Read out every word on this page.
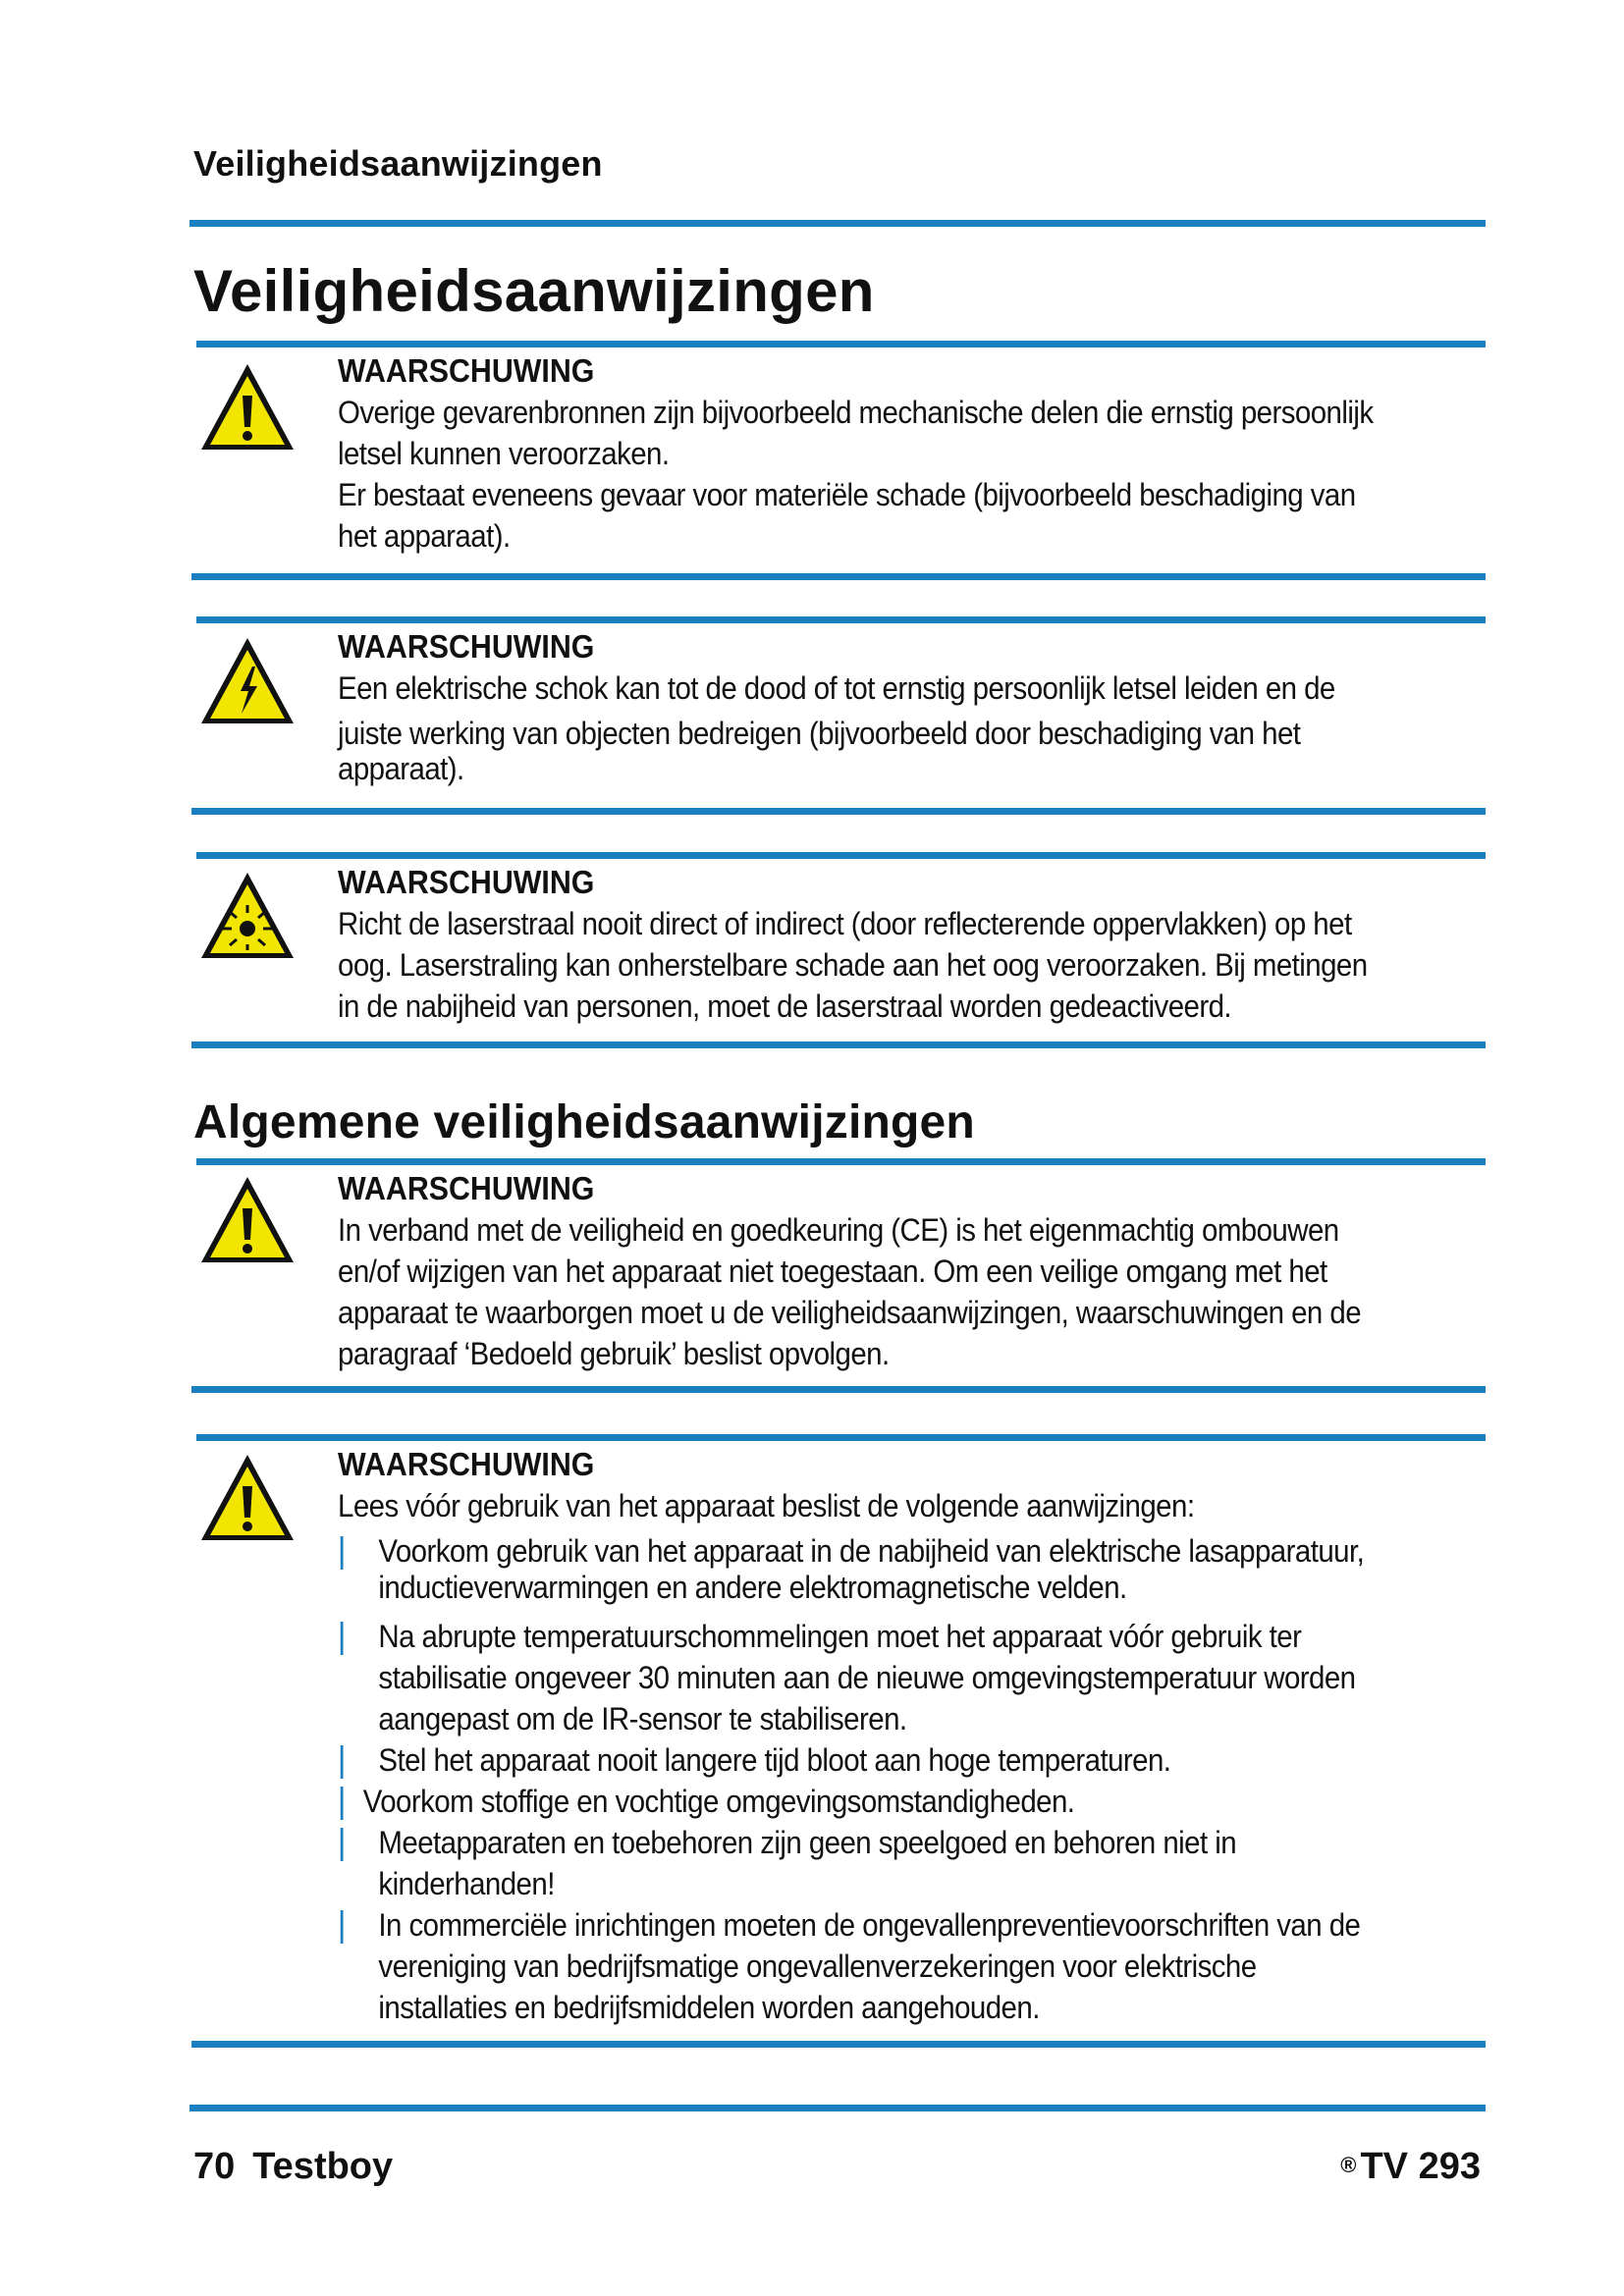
Veiligheidsaanwijzingen
Veiligheidsaanwijzingen
WAARSCHUWING
Overige gevarenbronnen zijn bijvoorbeeld mechanische delen die ernstig persoonlijk
letsel kunnen veroorzaken.
Er bestaat eveneens gevaar voor materiële schade (bijvoorbeeld beschadiging van
het apparaat).
WAARSCHUWING
Een elektrische schok kan tot de dood of tot ernstig persoonlijk letsel leiden en de
juiste werking van objecten bedreigen (bijvoorbeeld door beschadiging van het
apparaat).
WAARSCHUWING
Richt de laserstraal nooit direct of indirect (door reflecterende oppervlakken) op het
oog. Laserstraling kan onherstelbare schade aan het oog veroorzaken. Bij metingen
in de nabijheid van personen, moet de laserstraal worden gedeactiveerd.
Algemene veiligheidsaanwijzingen
WAARSCHUWING
In verband met de veiligheid en goedkeuring (CE) is het eigenmachtig ombouwen
en/of wijzigen van het apparaat niet toegestaan. Om een veilige omgang met het
apparaat te waarborgen moet u de veiligheidsaanwijzingen, waarschuwingen en de
paragraaf ‘Bedoeld gebruik’ beslist opvolgen.
WAARSCHUWING
Lees vóór gebruik van het apparaat beslist de volgende aanwijzingen:
Voorkom gebruik van het apparaat in de nabijheid van elektrische lasapparatuur,
inductieverwarmingen en andere elektromagnetische velden.
Na abrupte temperatuurschommelingen moet het apparaat vóór gebruik ter
stabilisatie ongeveer 30 minuten aan de nieuwe omgevingstemperatuur worden
aangepast om de IR-sensor te stabiliseren.
Stel het apparaat nooit langere tijd bloot aan hoge temperaturen.
Voorkom stoffige en vochtige omgevingsomstandigheden.
Meetapparaten en toebehoren zijn geen speelgoed en behoren niet in
kinderhanden!
In commerciële inrichtingen moeten de ongevallenpreventievoorschriften van de
vereniging van bedrijfsmatige ongevallenverzekeringen voor elektrische
installaties en bedrijfsmiddelen worden aangehouden.
70 Testboy	® TV 293
